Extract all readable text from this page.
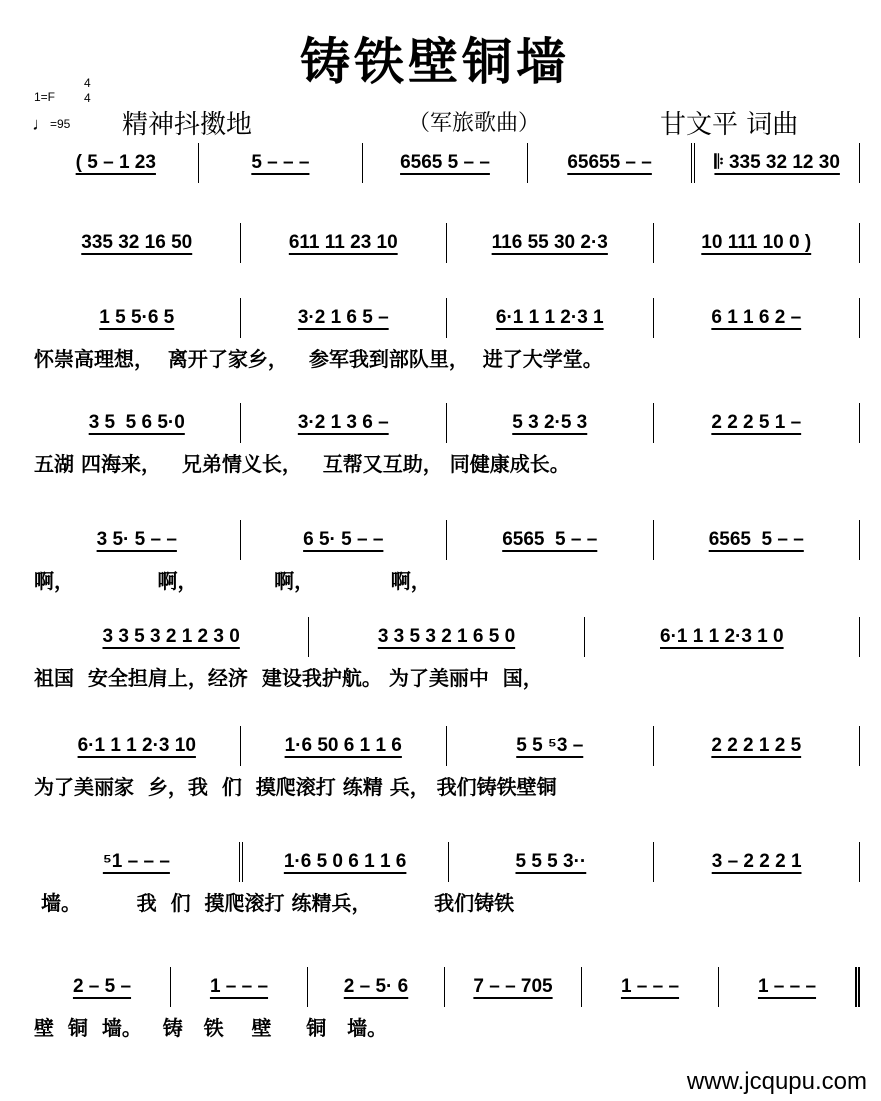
铸铁壁铜墙
1=F
4
4
♩=95 精神抖擞地	（军旅歌曲）	甘文平 词曲
www.jcqupu.com
( 5 – 1 23	5 – – –	6565 5 – –	65655 – –	𝄆 335 32 12 30
335 32 16 50	611 11 23 10	116 55 30 2·3	10 111 10 0 )
1 5 5·6 5	3·2 1 6 5 –	6·1 1 1 2·3 1	6 1 1 6 2 –
怀崇高理想，  离开了家乡，   参军我到部队里，  进了大学堂。
3 5  5 6 5·0	3·2 1 3 6 –	5 3 2·5 3	2 2 2 5 1 –
五湖 四海来，   兄弟情义长，   互帮又互助， 同健康成长。
3 5· 5 – –	6 5· 5 – –	6565  5 – –	6565  5 – –
啊，            啊，           啊，           啊，
3 3 5 3 2 1 2 3 0	3 3 5 3 2 1 6 5 0	6·1 1 1 2·3 1 0
祖国  安全担肩上，经济  建设我护航。 为了美丽中  国，
6·1 1 1 2·3 10	1·6 50 6 1 1 6	5 5 ⁵3 –	2 2 2 1 2 5
为了美丽家  乡，我  们  摸爬滚打 练精 兵， 我们铸铁壁铜
⁵1 – – –	1·6 5 0 6 1 1 6	5 5 5 3··	3 – 2 2 2 1
墙。        我  们  摸爬滚打 练精兵，         我们铸铁
2 – 5 –	1 – – –	2 – 5· 6	7 – – 705	1 – – –	1 – – –
壁  铜  墙。   铸   铁    壁     铜   墙。
